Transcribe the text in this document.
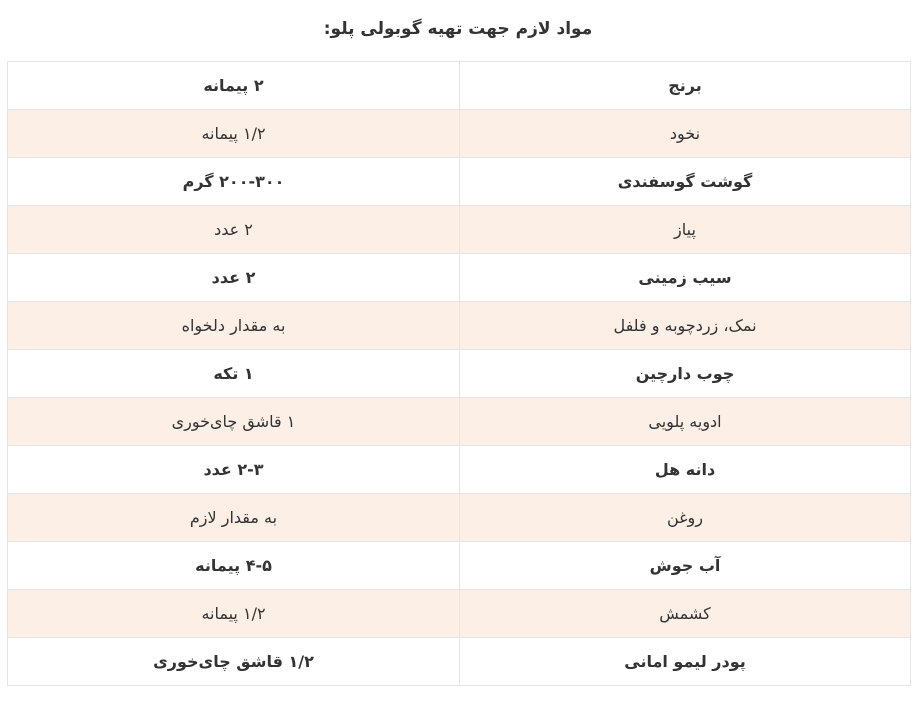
مواد لازم جهت تهیه گوبولی پلو:
برنج	۲ پیمانه
نخود	۱/۲ پیمانه
گوشت گوسفندی	۲۰۰-۳۰۰ گرم
پیاز	۲ عدد
سیب زمینی	۲ عدد
نمک، زردچوبه و فلفل	به مقدار دلخواه
چوب دارچین	۱ تکه
ادویه پلویی	۱ قاشق چای‌خوری
دانه هل	۲-۳ عدد
روغن	به مقدار لازم
آب جوش	۴-۵ پیمانه
کشمش	۱/۲ پیمانه
پودر لیمو امانی	۱/۲ قاشق چای‌خوری
